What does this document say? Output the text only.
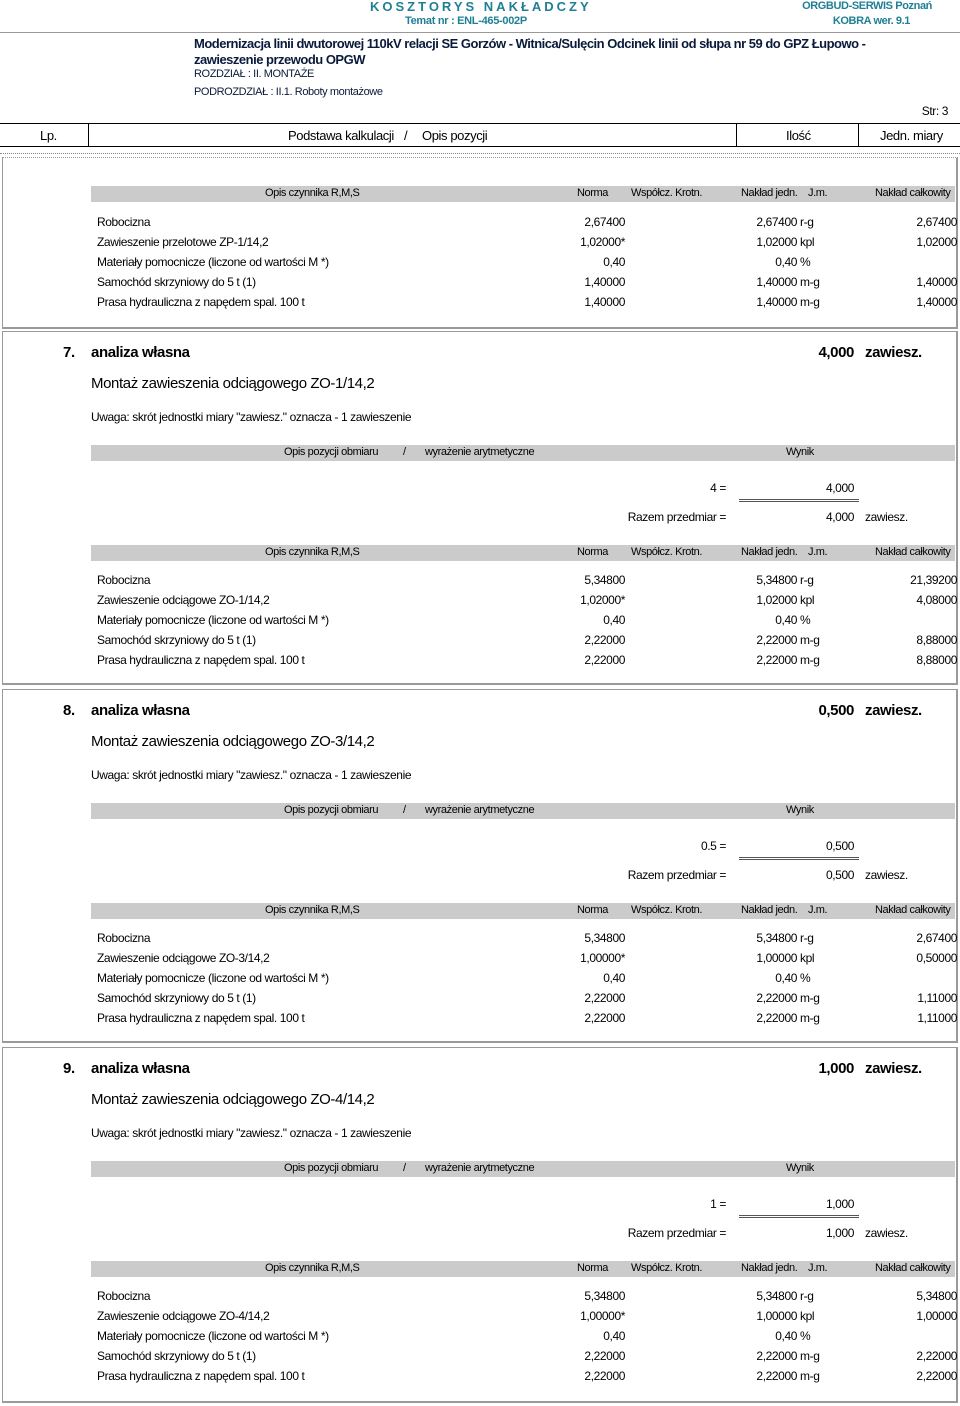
KOSZTORYS NAKŁADCZY
Temat nr : ENL-465-002P
ORGBUD-SERWIS Poznań
KOBRA wer. 9.1
Modernizacja linii dwutorowej 110kV relacji SE Gorzów - Witnica/Sulęcin Odcinek linii od słupa nr 59 do GPZ Łupowo - zawieszenie przewodu OPGW
ROZDZIAŁ : II. MONTAŻE
PODROZDZIAŁ : II.1. Roboty montażowe
Str: 3
Lp.	Podstawa kalkulacji / Opis pozycji	Ilość	Jedn. miary
Opis czynnika R,M,S	Norma Współcz. Krotn.	Nakład jedn. J.m.	Nakład całkowity
Robocizna	2,67400	2,67400 r-g	2,67400
Zawieszenie przelotowe ZP-1/14,2	1,02000*	1,02000 kpl	1,02000
Materiały pomocnicze (liczone od wartości M *)	0,40	0,40 %
Samochód skrzyniowy do 5 t (1)	1,40000	1,40000 m-g	1,40000
Prasa hydrauliczna z napędem spal. 100 t	1,40000	1,40000 m-g	1,40000
7. analiza własna	4,000 zawiesz.
Montaż zawieszenia odciągowego ZO-1/14,2
Uwaga: skrót jednostki miary "zawiesz." oznacza - 1 zawieszenie
Opis pozycji obmiaru / wyrażenie arytmetyczne	Wynik
4 =	4,000
Razem przedmiar =	4,000 zawiesz.
Opis czynnika R,M,S	Norma Współcz. Krotn.	Nakład jedn. J.m.	Nakład całkowity
Robocizna	5,34800	5,34800 r-g	21,39200
Zawieszenie odciągowe ZO-1/14,2	1,02000*	1,02000 kpl	4,08000
Materiały pomocnicze (liczone od wartości M *)	0,40	0,40 %
Samochód skrzyniowy do 5 t (1)	2,22000	2,22000 m-g	8,88000
Prasa hydrauliczna z napędem spal. 100 t	2,22000	2,22000 m-g	8,88000
8. analiza własna	0,500 zawiesz.
Montaż zawieszenia odciągowego ZO-3/14,2
Uwaga: skrót jednostki miary "zawiesz." oznacza - 1 zawieszenie
Opis pozycji obmiaru / wyrażenie arytmetyczne	Wynik
0.5 =	0,500
Razem przedmiar =	0,500 zawiesz.
Opis czynnika R,M,S	Norma Współcz. Krotn.	Nakład jedn. J.m.	Nakład całkowity
Robocizna	5,34800	5,34800 r-g	2,67400
Zawieszenie odciągowe ZO-3/14,2	1,00000*	1,00000 kpl	0,50000
Materiały pomocnicze (liczone od wartości M *)	0,40	0,40 %
Samochód skrzyniowy do 5 t (1)	2,22000	2,22000 m-g	1,11000
Prasa hydrauliczna z napędem spal. 100 t	2,22000	2,22000 m-g	1,11000
9. analiza własna	1,000 zawiesz.
Montaż zawieszenia odciągowego ZO-4/14,2
Uwaga: skrót jednostki miary "zawiesz." oznacza - 1 zawieszenie
Opis pozycji obmiaru / wyrażenie arytmetyczne	Wynik
1 =	1,000
Razem przedmiar =	1,000 zawiesz.
Opis czynnika R,M,S	Norma Współcz. Krotn.	Nakład jedn. J.m.	Nakład całkowity
Robocizna	5,34800	5,34800 r-g	5,34800
Zawieszenie odciągowe ZO-4/14,2	1,00000*	1,00000 kpl	1,00000
Materiały pomocnicze (liczone od wartości M *)	0,40	0,40 %
Samochód skrzyniowy do 5 t (1)	2,22000	2,22000 m-g	2,22000
Prasa hydrauliczna z napędem spal. 100 t	2,22000	2,22000 m-g	2,22000
